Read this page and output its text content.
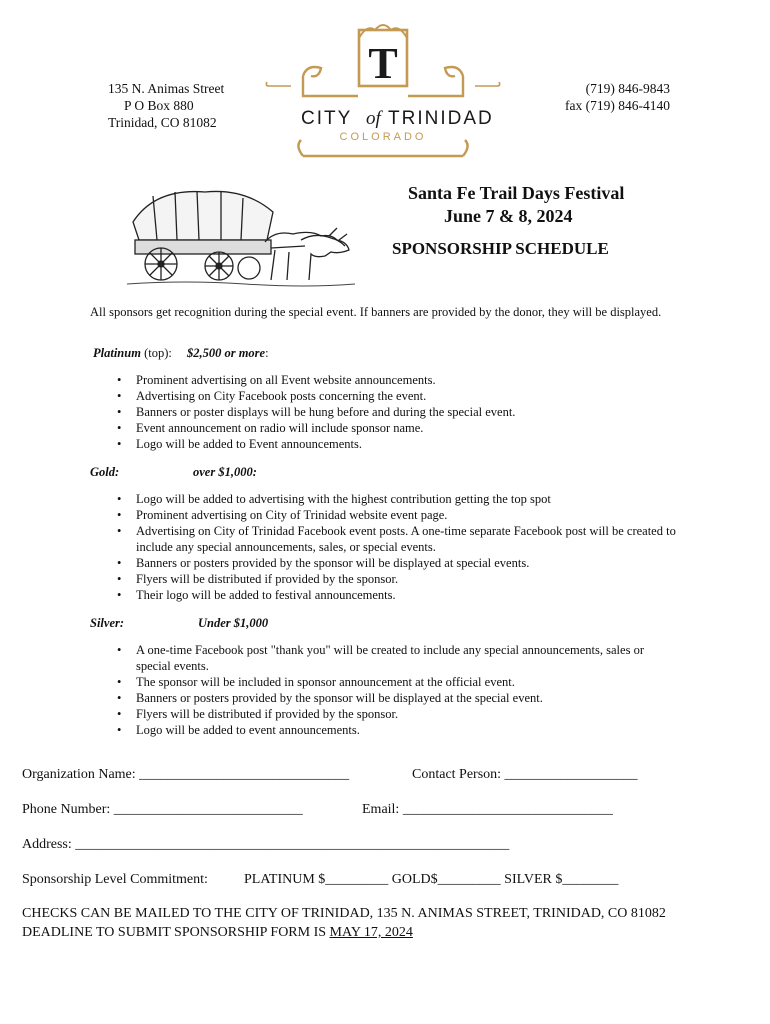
135 N. Animas Street
P O Box 880
Trinidad, CO 81082
T
CITY of TRINIDAD
COLORADO
(719) 846-9843
fax (719) 846-4140
Santa Fe Trail Days Festival
June 7 & 8, 2024
SPONSORSHIP SCHEDULE
All sponsors get recognition during the special event. If banners are provided by the donor, they will be displayed.
Platinum (top): $2,500 or more:
• Prominent advertising on all Event website announcements.
• Advertising on City Facebook posts concerning the event.
• Banners or poster displays will be hung before and during the special event.
• Event announcement on radio will include sponsor name.
• Logo will be added to Event announcements.
Gold:	over $1,000:
• Logo will be added to advertising with the highest contribution getting the top spot
• Prominent advertising on City of Trinidad website event page.
• Advertising on City of Trinidad Facebook event posts. A one-time separate Facebook post will be created to include any special announcements, sales, or special events.
• Banners or posters provided by the sponsor will be displayed at special events.
• Flyers will be distributed if provided by the sponsor.
• Their logo will be added to festival announcements.
Silver:	Under $1,000
• A one-time Facebook post "thank you" will be created to include any special announcements, sales or special events.
• The sponsor will be included in sponsor announcement at the official event.
• Banners or posters provided by the sponsor will be displayed at the special event.
• Flyers will be distributed if provided by the sponsor.
• Logo will be added to event announcements.
Organization Name: ______________________________	Contact Person: ___________________
Phone Number: ___________________________	Email: ______________________________
Address: ______________________________________________________________
Sponsorship Level Commitment:	PLATINUM $_________ GOLD$_________ SILVER $________
CHECKS CAN BE MAILED TO THE CITY OF TRINIDAD, 135 N. ANIMAS STREET, TRINIDAD, CO 81082
DEADLINE TO SUBMIT SPONSORSHIP FORM IS MAY 17, 2024
